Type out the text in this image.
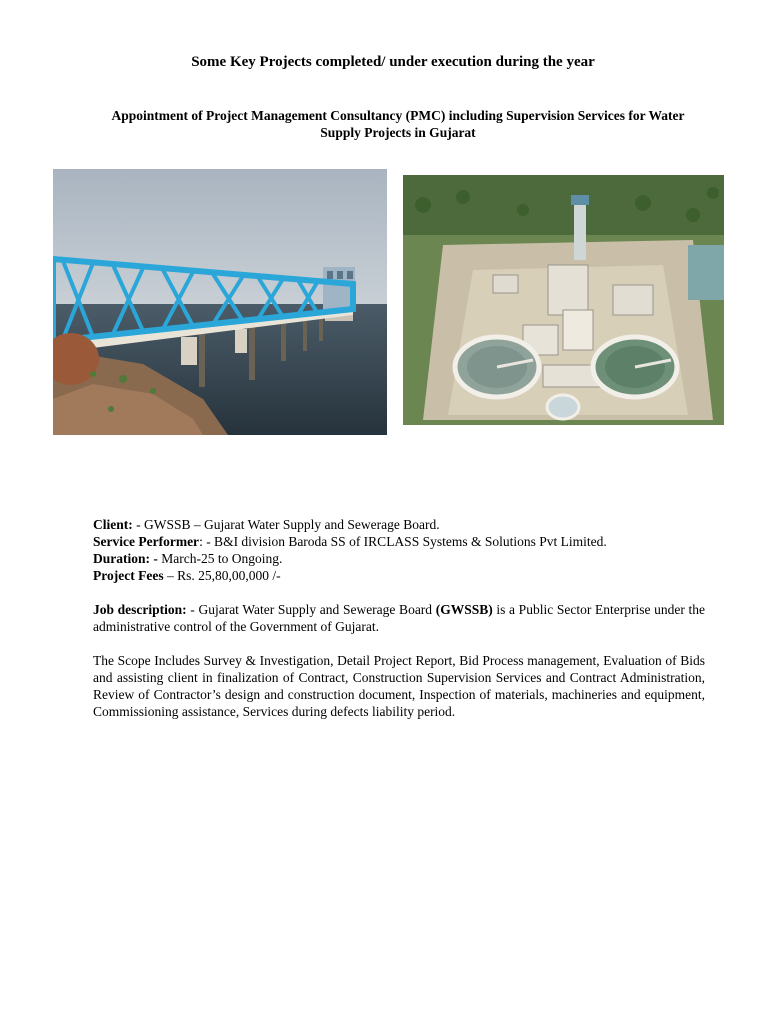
Some Key Projects completed/ under execution during the year
Appointment of Project Management Consultancy (PMC) including Supervision Services for Water Supply Projects in Gujarat
Client: - GWSSB – Gujarat Water Supply and Sewerage Board.
Service Performer: - B&I division Baroda SS of IRCLASS Systems & Solutions Pvt Limited.
Duration: - March-25 to Ongoing.
Project Fees – Rs. 25,80,00,000 /-
Job description: - Gujarat Water Supply and Sewerage Board (GWSSB) is a Public Sector Enterprise under the administrative control of the Government of Gujarat.
The Scope Includes Survey & Investigation, Detail Project Report, Bid Process management, Evaluation of Bids and assisting client in finalization of Contract, Construction Supervision Services and Contract Administration, Review of Contractor’s design and construction document, Inspection of materials, machineries and equipment, Commissioning assistance, Services during defects liability period.
